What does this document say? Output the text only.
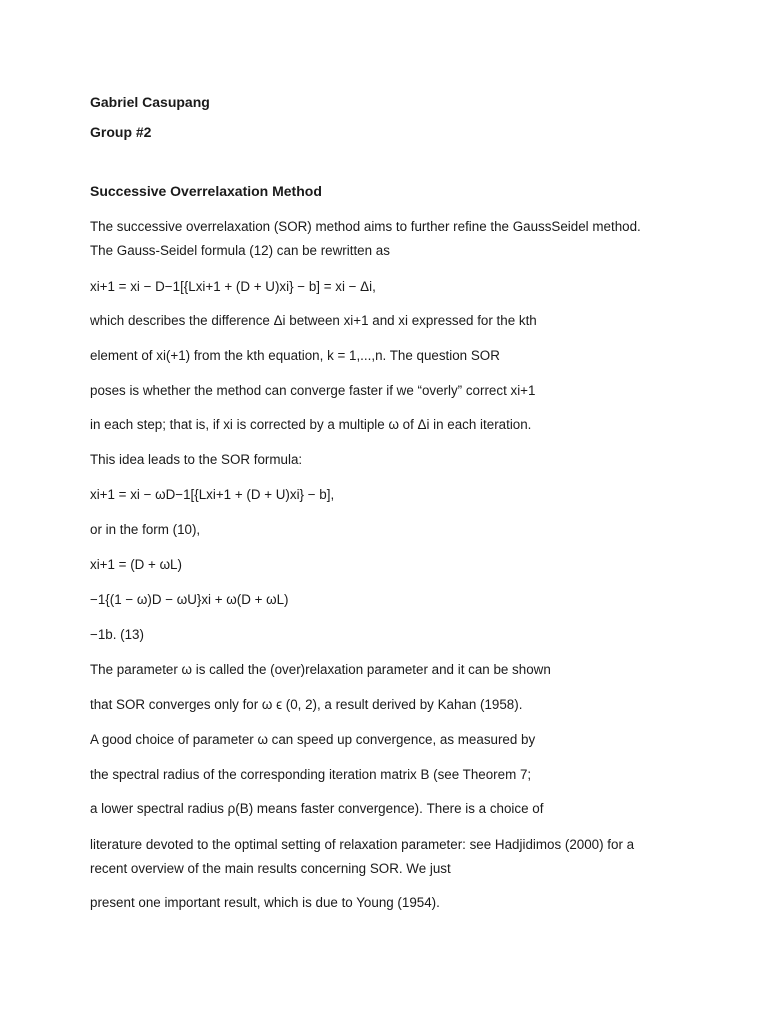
Gabriel Casupang
Group #2
Successive Overrelaxation Method
The successive overrelaxation (SOR) method aims to further refine the GaussSeidel method.
The Gauss-Seidel formula (12) can be rewritten as
xi+1 = xi − D−1[{Lxi+1 + (D + U)xi} − b] = xi − Δi,
which describes the difference Δi between xi+1 and xi expressed for the kth
element of xi(+1) from the kth equation, k = 1,...,n. The question SOR
poses is whether the method can converge faster if we “overly” correct xi+1
in each step; that is, if xi is corrected by a multiple ω of Δi in each iteration.
This idea leads to the SOR formula:
xi+1 = xi − ωD−1[{Lxi+1 + (D + U)xi} − b],
or in the form (10),
xi+1 = (D + ωL)
−1{(1 − ω)D − ωU}xi + ω(D + ωL)
−1b. (13)
The parameter ω is called the (over)relaxation parameter and it can be shown
that SOR converges only for ω ϵ (0, 2), a result derived by Kahan (1958).
A good choice of parameter ω can speed up convergence, as measured by
the spectral radius of the corresponding iteration matrix B (see Theorem 7;
a lower spectral radius ρ(B) means faster convergence). There is a choice of
literature devoted to the optimal setting of relaxation parameter: see Hadjidimos (2000) for a
recent overview of the main results concerning SOR. We just
present one important result, which is due to Young (1954).
